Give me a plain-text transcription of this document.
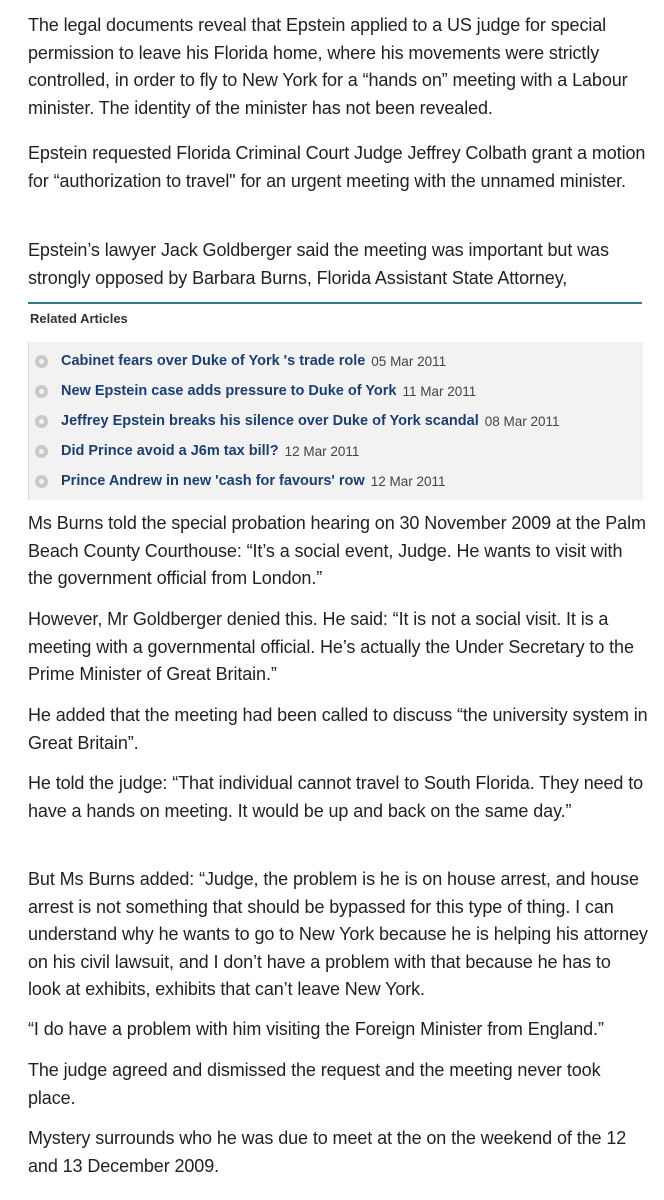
The legal documents reveal that Epstein applied to a US judge for special permission to leave his Florida home, where his movements were strictly controlled, in order to fly to New York for a “hands on” meeting with a Labour minister. The identity of the minister has not been revealed.

Epstein requested Florida Criminal Court Judge Jeffrey Colbath grant a motion for “authorization to travel" for an urgent meeting with the unnamed minister.

Epstein’s lawyer Jack Goldberger said the meeting was important but was strongly opposed by Barbara Burns, Florida Assistant State Attorney,

Ms Burns told the special probation hearing on 30 November 2009 at the Palm Beach County Courthouse: “It’s a social event, Judge. He wants to visit with the government official from London.”

However, Mr Goldberger denied this. He said: “It is not a social visit. It is a meeting with a governmental official. He’s actually the Under Secretary to the Prime Minister of Great Britain.”

He added that the meeting had been called to discuss “the university system in Great Britain”.

He told the judge: “That individual cannot travel to South Florida. They need to have a hands on meeting. It would be up and back on the same day.”

But Ms Burns added: “Judge, the problem is he is on house arrest, and house arrest is not something that should be bypassed for this type of thing. I can understand why he wants to go to New York because he is helping his attorney on his civil lawsuit, and I don’t have a problem with that because he has to look at exhibits, exhibits that can’t leave New York.

“I do have a problem with him visiting the Foreign Minister from England.”

The judge agreed and dismissed the request and the meeting never took place.

Mystery surrounds who he was due to meet at the on the weekend of the 12 and 13 December 2009.

Related Articles

Cabinet fears over Duke of York 's trade role 05 Mar 2011
New Epstein case adds pressure to Duke of York 11 Mar 2011
Jeffrey Epstein breaks his silence over Duke of York scandal 08 Mar 2011
Did Prince avoid a J6m tax bill? 12 Mar 2011
Prince Andrew in new 'cash for favours' row 12 Mar 2011
